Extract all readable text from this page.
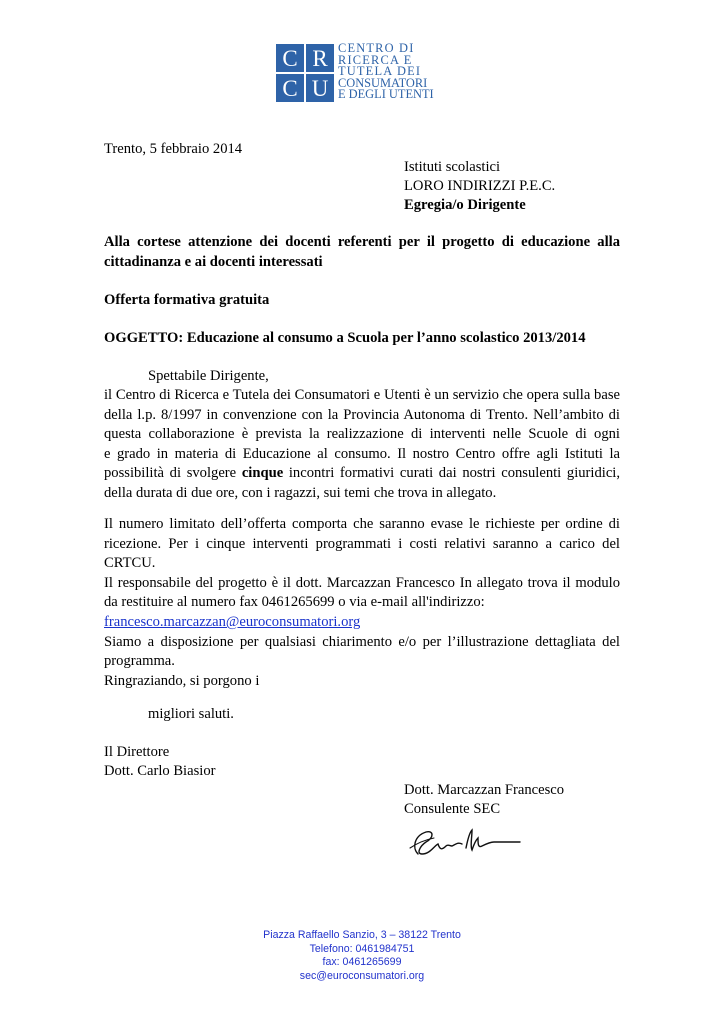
C R
C U
CENTRO DI
RICERCA E
TUTELA DEI
CONSUMATORI
E DEGLI UTENTI
Trento, 5 febbraio 2014
Istituti scolastici
LORO INDIRIZZI P.E.C.
Egregia/o Dirigente
Alla cortese attenzione dei docenti referenti per il progetto di educazione alla
cittadinanza e ai docenti interessati
Offerta formativa gratuita
OGGETTO: Educazione al consumo a Scuola per l’anno scolastico 2013/2014
Spettabile Dirigente,
il Centro di Ricerca e Tutela dei Consumatori e Utenti è un servizio che opera sulla base
della l.p. 8/1997 in convenzione con la Provincia Autonoma di Trento. Nell’ambito di
questa collaborazione è prevista la realizzazione di interventi nelle Scuole di ogni
e grado in materia di Educazione al consumo. Il nostro Centro offre agli Istituti la
possibilità di svolgere cinque incontri formativi curati dai nostri consulenti giuridici,
della durata di due ore, con i ragazzi, sui temi che trova in allegato.
Il numero limitato dell’offerta comporta che saranno evase le richieste per ordine di
ricezione. Per i cinque interventi programmati i costi relativi saranno a carico del
CRTCU.
Il responsabile del progetto è il dott. Marcazzan Francesco In allegato trova il modulo
da restituire al numero fax 0461265699 o via e-mail all'indirizzo:
francesco.marcazzan@euroconsumatori.org
Siamo a disposizione per qualsiasi chiarimento e/o per l’illustrazione dettagliata del
programma.
Ringraziando, si porgono i
migliori saluti.
Il Direttore
Dott. Carlo Biasior
Dott. Marcazzan Francesco
Consulente SEC
Piazza Raffaello Sanzio, 3 – 38122 Trento
Telefono: 0461984751
fax: 0461265699
sec@euroconsumatori.org
